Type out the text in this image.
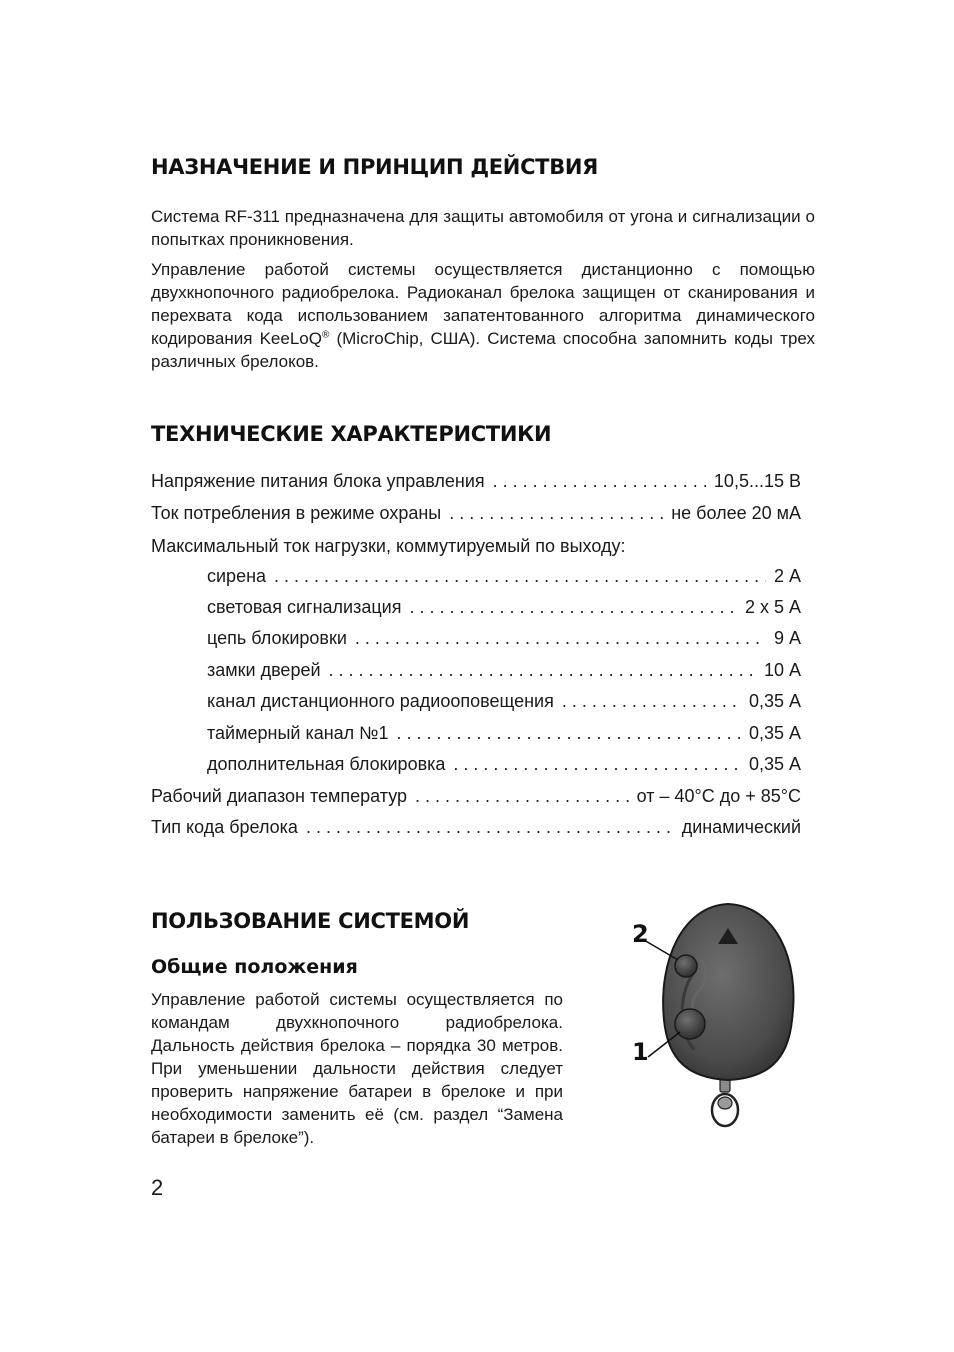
НАЗНАЧЕНИЕ И ПРИНЦИП ДЕЙСТВИЯ

Система RF-311 предназначена для защиты автомобиля от угона и сигнализации о попытках проникновения.

Управление работой системы осуществляется дистанционно с помощью двухкнопочного радиобрелока. Радиоканал брелока защищен от сканирования и перехвата кода использованием запатентованного алгоритма динамического кодирования KeeLoQ® (MicroChip, США). Система способна запомнить коды трех различных брелоков.

ТЕХНИЧЕСКИЕ ХАРАКТЕРИСТИКИ
Напряжение питания блока управления . . .	10,5...15 В
Ток потребления в режиме охраны . . .	не более 20 мА
Максимальный ток нагрузки, коммутируемый по выходу:
сирена . . .	2 А
световая сигнализация . . .	2 х 5 А
цепь блокировки . . .	9 А
замки дверей . . .	10 А
канал дистанционного радиооповещения . . .	0,35 А
таймерный канал №1 . . .	0,35 А
дополнительная блокировка . . .	0,35 А
Рабочий диапазон температур . . .	от – 40°С до + 85°С
Тип кода брелока . . .	динамический
ПОЛЬЗОВАНИЕ СИСТЕМОЙ
Общие положения

Управление работой системы осуществляется по командам двухкнопочного радиобрелока. Дальность действия брелока – порядка 30 метров. При уменьшении дальности действия следует проверить напряжение батареи в брелоке и при необходимости заменить её (см. раздел “Замена батареи в брелоке”).

2
1
2
